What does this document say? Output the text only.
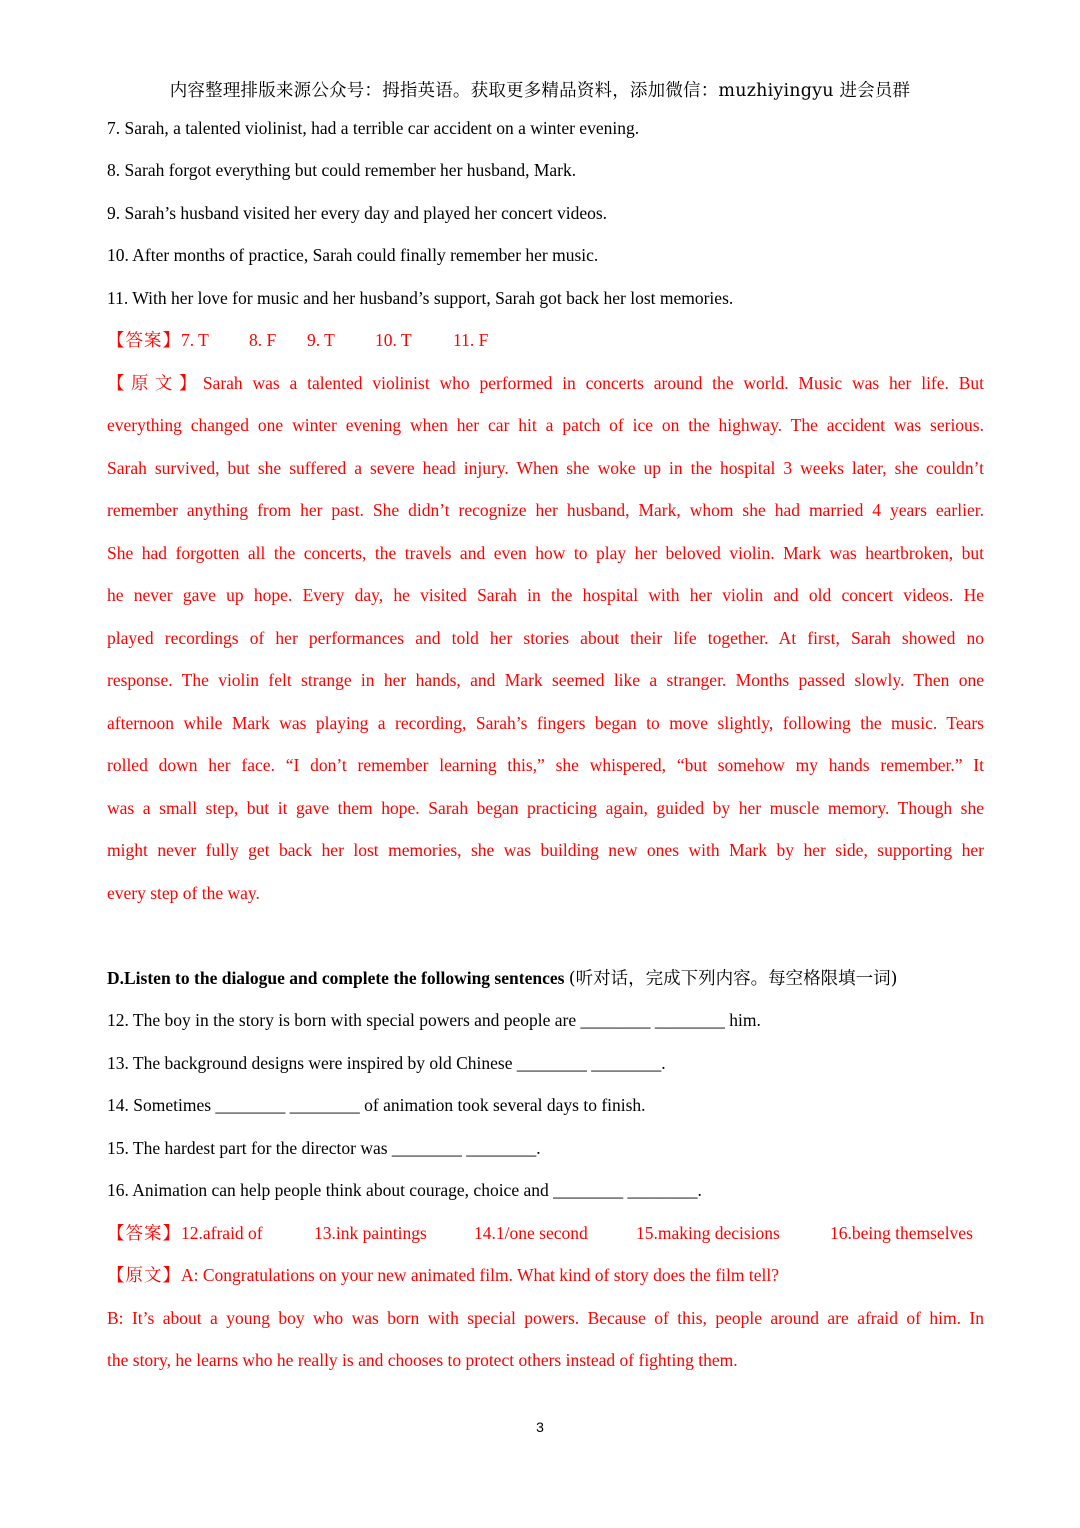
内容整理排版来源公众号：拇指英语。获取更多精品资料，添加微信：muzhiyingyu 进会员群
7. Sarah, a talented violinist, had a terrible car accident on a winter evening.
8. Sarah forgot everything but could remember her husband, Mark.
9. Sarah’s husband visited her every day and played her concert videos.
10. After months of practice, Sarah could finally remember her music.
11. With her love for music and her husband’s support, Sarah got back her lost memories.
【答案】7. T 8. F 9. T 10. T 11. F
【原文】Sarah was a talented violinist who performed in concerts around the world. Music was her life. But
everything changed one winter evening when her car hit a patch of ice on the highway. The accident was serious.
Sarah survived, but she suffered a severe head injury. When she woke up in the hospital 3 weeks later, she couldn’t
remember anything from her past. She didn’t recognize her husband, Mark, whom she had married 4 years earlier.
She had forgotten all the concerts, the travels and even how to play her beloved violin. Mark was heartbroken, but
he never gave up hope. Every day, he visited Sarah in the hospital with her violin and old concert videos. He
played recordings of her performances and told her stories about their life together. At first, Sarah showed no
response. The violin felt strange in her hands, and Mark seemed like a stranger. Months passed slowly. Then one
afternoon while Mark was playing a recording, Sarah’s fingers began to move slightly, following the music. Tears
rolled down her face. “I don’t remember learning this,” she whispered, “but somehow my hands remember.” It
was a small step, but it gave them hope. Sarah began practicing again, guided by her muscle memory. Though she
might never fully get back her lost memories, she was building new ones with Mark by her side, supporting her
every step of the way.
D.Listen to the dialogue and complete the following sentences (听对话，完成下列内容。每空格限填一词)
12. The boy in the story is born with special powers and people are ________ ________ him.
13. The background designs were inspired by old Chinese ________ ________.
14. Sometimes ________ ________ of animation took several days to finish.
15. The hardest part for the director was ________ ________.
16. Animation can help people think about courage, choice and ________ ________.
【答案】12.afraid of	13.ink paintings	14.1/one second	15.making decisions	16.being themselves
【原文】A: Congratulations on your new animated film. What kind of story does the film tell?
B: It’s about a young boy who was born with special powers. Because of this, people around are afraid of him. In
the story, he learns who he really is and chooses to protect others instead of fighting them.
3
